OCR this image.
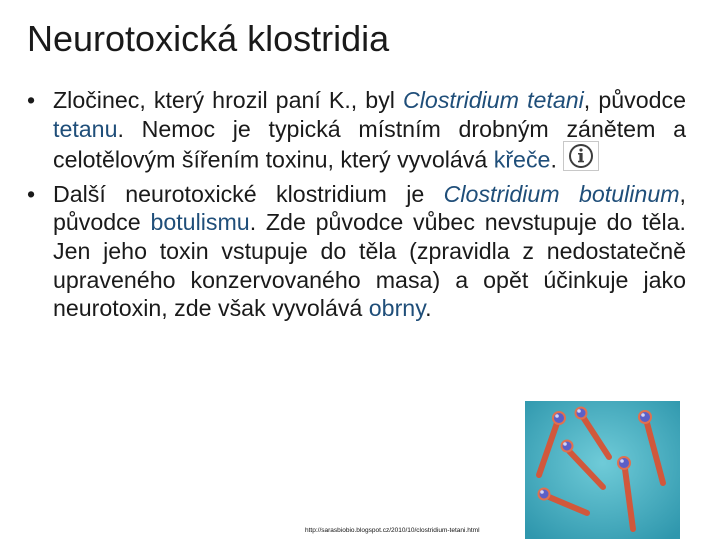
Neurotoxická klostridia
• Zločinec, který hrozil paní K., byl Clostridium tetani, původce tetanu. Nemoc je typická místním drobným zánětem a celotělovým šířením toxinu, který vyvolává křeče.
• Další neurotoxické klostridium je Clostridium botulinum, původce botulismu. Zde původce vůbec nevstupuje do těla. Jen jeho toxin vstupuje do těla (zpravidla z nedostatečně upraveného konzervovaného masa) a opět účinkuje jako neurotoxin, zde však vyvolává obrny.
http://sarasbiobio.blogspot.cz/2010/10/clostridium-tetani.html
